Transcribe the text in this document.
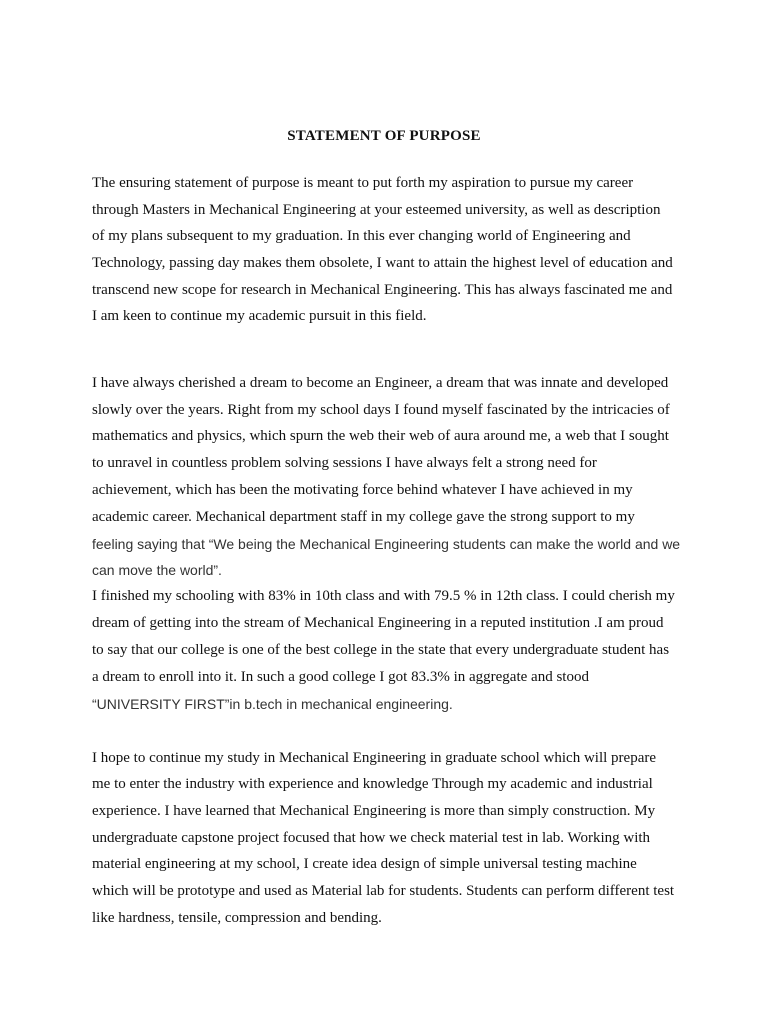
STATEMENT OF PURPOSE
The ensuring statement of purpose is meant to put forth my aspiration to pursue my career
through Masters in Mechanical Engineering at your esteemed university, as well as description
of my plans subsequent to my graduation. In this ever changing world of Engineering and
Technology, passing day makes them obsolete, I want to attain the highest level of education and
transcend new scope for research in Mechanical Engineering. This has always fascinated me and
I am keen to continue my academic pursuit in this field.
I have always cherished a dream to become an Engineer, a dream that was innate and developed
slowly over the years. Right from my school days I found myself fascinated by the intricacies of
mathematics and physics, which spurn the web their web of aura around me, a web that I sought
to unravel in countless problem solving sessions I have always felt a strong need for
achievement, which has been the motivating force behind whatever I have achieved in my
academic career. Mechanical department staff in my college gave the strong support to my
feeling saying that “We being the Mechanical Engineering students can make the world and we
can move the world”.
I finished my schooling with 83% in 10th class and with 79.5 % in 12th class. I could cherish my
dream of getting into the stream of Mechanical Engineering in a reputed institution .I am proud
to say that our college is one of the best college in the state that every undergraduate student has
a dream to enroll into it. In such a good college I got 83.3% in aggregate and stood
“UNIVERSITY FIRST”in b.tech in mechanical engineering.
I hope to continue my study in Mechanical Engineering in graduate school which will prepare
me to enter the industry with experience and knowledge Through my academic and industrial
experience. I have learned that Mechanical Engineering is more than simply construction. My
undergraduate capstone project focused that how we check material test in lab. Working with
material engineering at my school, I create idea design of simple universal testing machine
which will be prototype and used as Material lab for students. Students can perform different test
like hardness, tensile, compression and bending.
